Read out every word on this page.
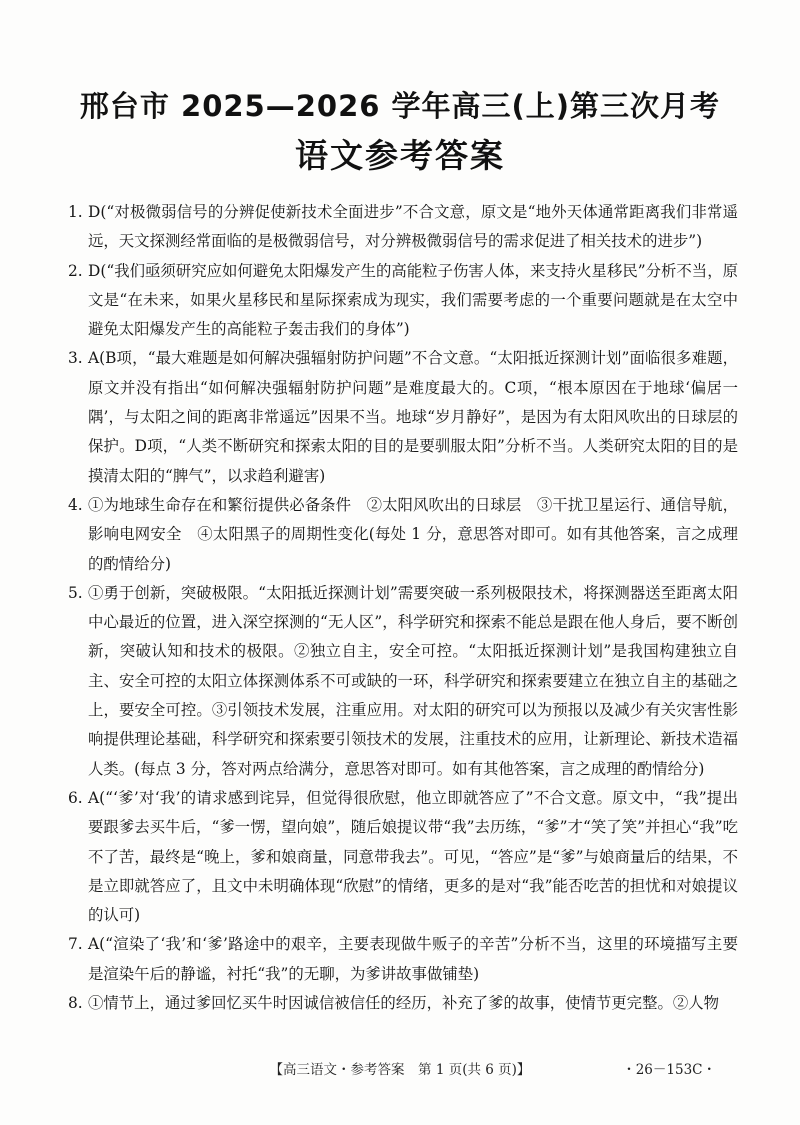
邢台市 2025—2026 学年高三(上)第三次月考
语文参考答案
1. D(“对极微弱信号的分辨促使新技术全面进步”不合文意，原文是“地外天体通常距离我们非常遥远，天文探测经常面临的是极微弱信号，对分辨极微弱信号的需求促进了相关技术的进步”)
2. D(“我们亟须研究应如何避免太阳爆发产生的高能粒子伤害人体，来支持火星移民”分析不当，原文是“在未来，如果火星移民和星际探索成为现实，我们需要考虑的一个重要问题就是在太空中避免太阳爆发产生的高能粒子轰击我们的身体”)
3. A(B项，“最大难题是如何解决强辐射防护问题”不合文意。“太阳抵近探测计划”面临很多难题，原文并没有指出“如何解决强辐射防护问题”是难度最大的。C项，“根本原因在于地球‘偏居一隅’，与太阳之间的距离非常遥远”因果不当。地球“岁月静好”，是因为有太阳风吹出的日球层的保护。D项，“人类不断研究和探索太阳的目的是要驯服太阳”分析不当。人类研究太阳的目的是摸清太阳的“脾气”，以求趋利避害)
4. ①为地球生命存在和繁衍提供必备条件　②太阳风吹出的日球层　③干扰卫星运行、通信导航，影响电网安全　④太阳黑子的周期性变化(每处 1 分，意思答对即可。如有其他答案，言之成理的酌情给分)
5. ①勇于创新，突破极限。“太阳抵近探测计划”需要突破一系列极限技术，将探测器送至距离太阳中心最近的位置，进入深空探测的“无人区”，科学研究和探索不能总是跟在他人身后，要不断创新，突破认知和技术的极限。②独立自主，安全可控。“太阳抵近探测计划”是我国构建独立自主、安全可控的太阳立体探测体系不可或缺的一环，科学研究和探索要建立在独立自主的基础之上，要安全可控。③引领技术发展，注重应用。对太阳的研究可以为预报以及减少有关灾害性影响提供理论基础，科学研究和探索要引领技术的发展，注重技术的应用，让新理论、新技术造福人类。(每点 3 分，答对两点给满分，意思答对即可。如有其他答案，言之成理的酌情给分)
6. A(“‘爹’对‘我’的请求感到诧异，但觉得很欣慰，他立即就答应了”不合文意。原文中，“我”提出要跟爹去买牛后，“爹一愣，望向娘”，随后娘提议带“我”去历练，“爹”才“笑了笑”并担心“我”吃不了苦，最终是“晚上，爹和娘商量，同意带我去”。可见，“答应”是“爹”与娘商量后的结果，不是立即就答应了，且文中未明确体现“欣慰”的情绪，更多的是对“我”能否吃苦的担忧和对娘提议的认可)
7. A(“渲染了‘我’和‘爹’路途中的艰辛，主要表现做牛贩子的辛苦”分析不当，这里的环境描写主要是渲染午后的静谧，衬托“我”的无聊，为爹讲故事做铺垫)
8. ①情节上，通过爹回忆买牛时因诚信被信任的经历，补充了爹的故事，使情节更完整。②人物
【高三语文・参考答案　第 1 页(共 6 页)】	・26－153C・
